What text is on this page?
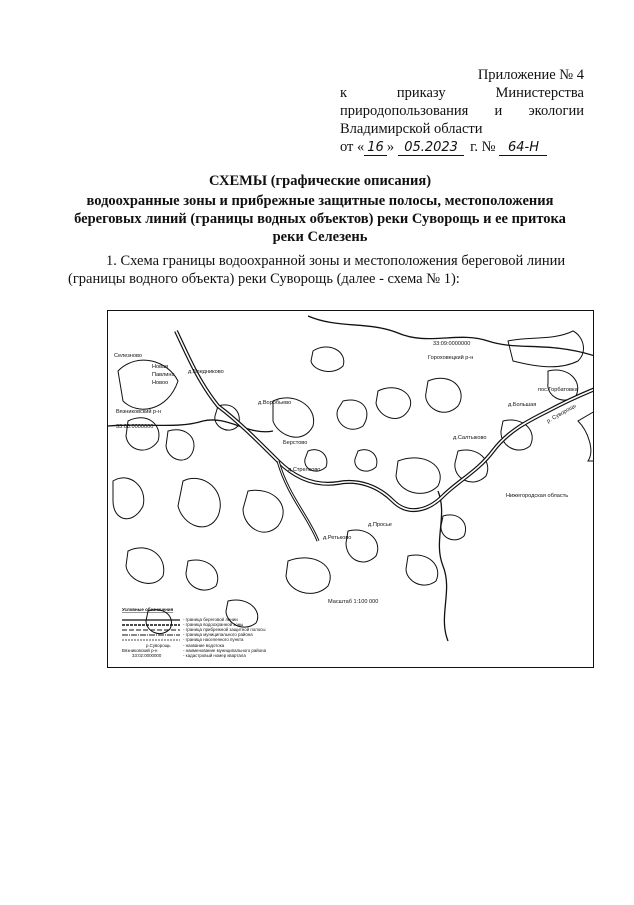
Приложение № 4
к	приказу	Министерства
природопользования и экологии
Владимирской области
от « 16 » 05.2023 г. № 64-Н
СХЕМЫ (графические описания)
водоохранные зоны и прибрежные защитные полосы, местоположения береговых линий (границы водных объектов) реки Суворощь и ее притока реки Селезень
1. Схема границы водоохранной зоны и местоположения береговой линии (границы водного объекта) реки Суворощь (далее - схема № 1):
Селезново
Новая
Павлина
Новоо
д.Бледниково
Вязниковский р-н
33:08:0000000
д.Воробьево
Берстово
д.Стрелково
33:09:0000000
Гороховецкий р-н
д.Салтыково
пос.Горбатовка
д.Большая р. Суворощь
Нижегородская область
д.Просье
д.Ретьково
Масштаб 1:100 000
Условные обозначения
- граница береговой линии
- граница водоохранной зоны
- граница прибрежной защитной полосы
- граница муниципального района
- граница населенного пункта
р.Суворощь	- название водотока
Вязниковский р-н	- наименование муниципального района
33:02:0000000	- кадастровый номер квартала
